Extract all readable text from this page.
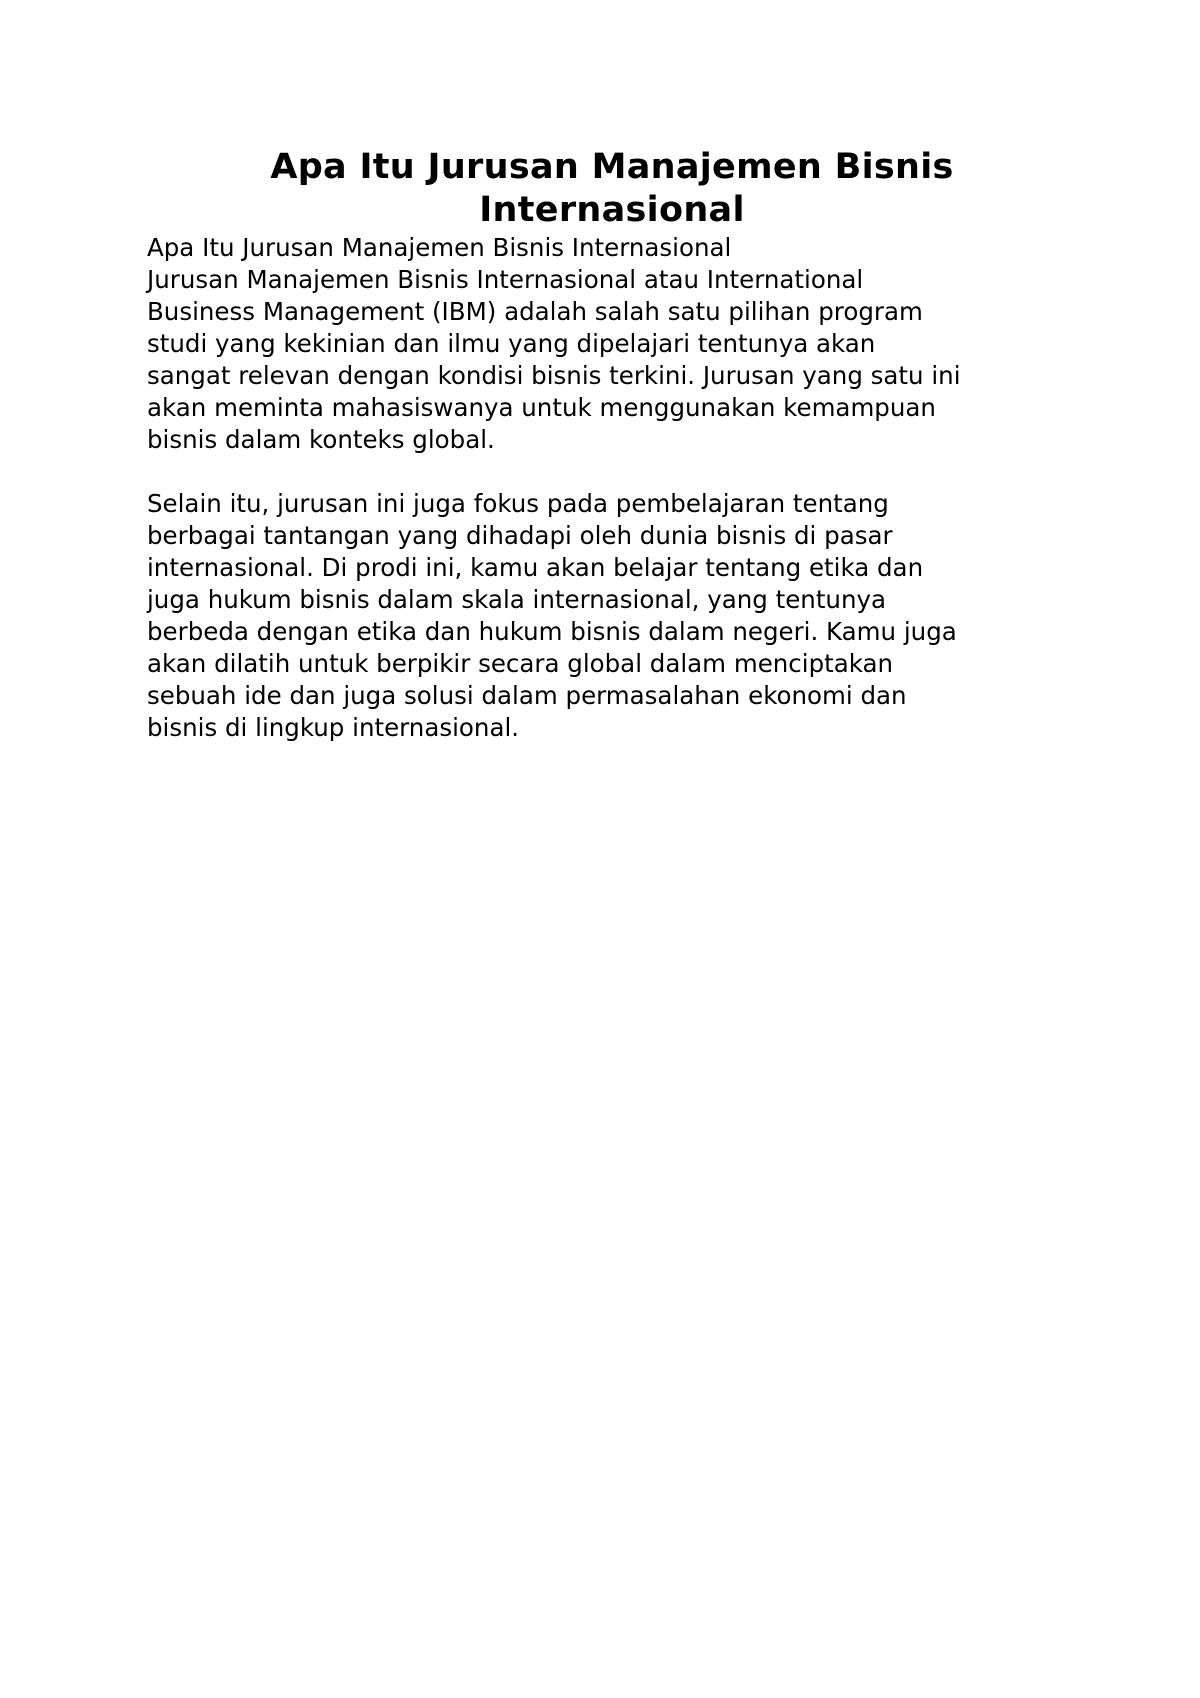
Apa Itu Jurusan Manajemen Bisnis
Internasional

Apa Itu Jurusan Manajemen Bisnis Internasional
Jurusan Manajemen Bisnis Internasional atau International
Business Management (IBM) adalah salah satu pilihan program
studi yang kekinian dan ilmu yang dipelajari tentunya akan
sangat relevan dengan kondisi bisnis terkini. Jurusan yang satu ini
akan meminta mahasiswanya untuk menggunakan kemampuan
bisnis dalam konteks global.

Selain itu, jurusan ini juga fokus pada pembelajaran tentang
berbagai tantangan yang dihadapi oleh dunia bisnis di pasar
internasional. Di prodi ini, kamu akan belajar tentang etika dan
juga hukum bisnis dalam skala internasional, yang tentunya
berbeda dengan etika dan hukum bisnis dalam negeri. Kamu juga
akan dilatih untuk berpikir secara global dalam menciptakan
sebuah ide dan juga solusi dalam permasalahan ekonomi dan
bisnis di lingkup internasional.
